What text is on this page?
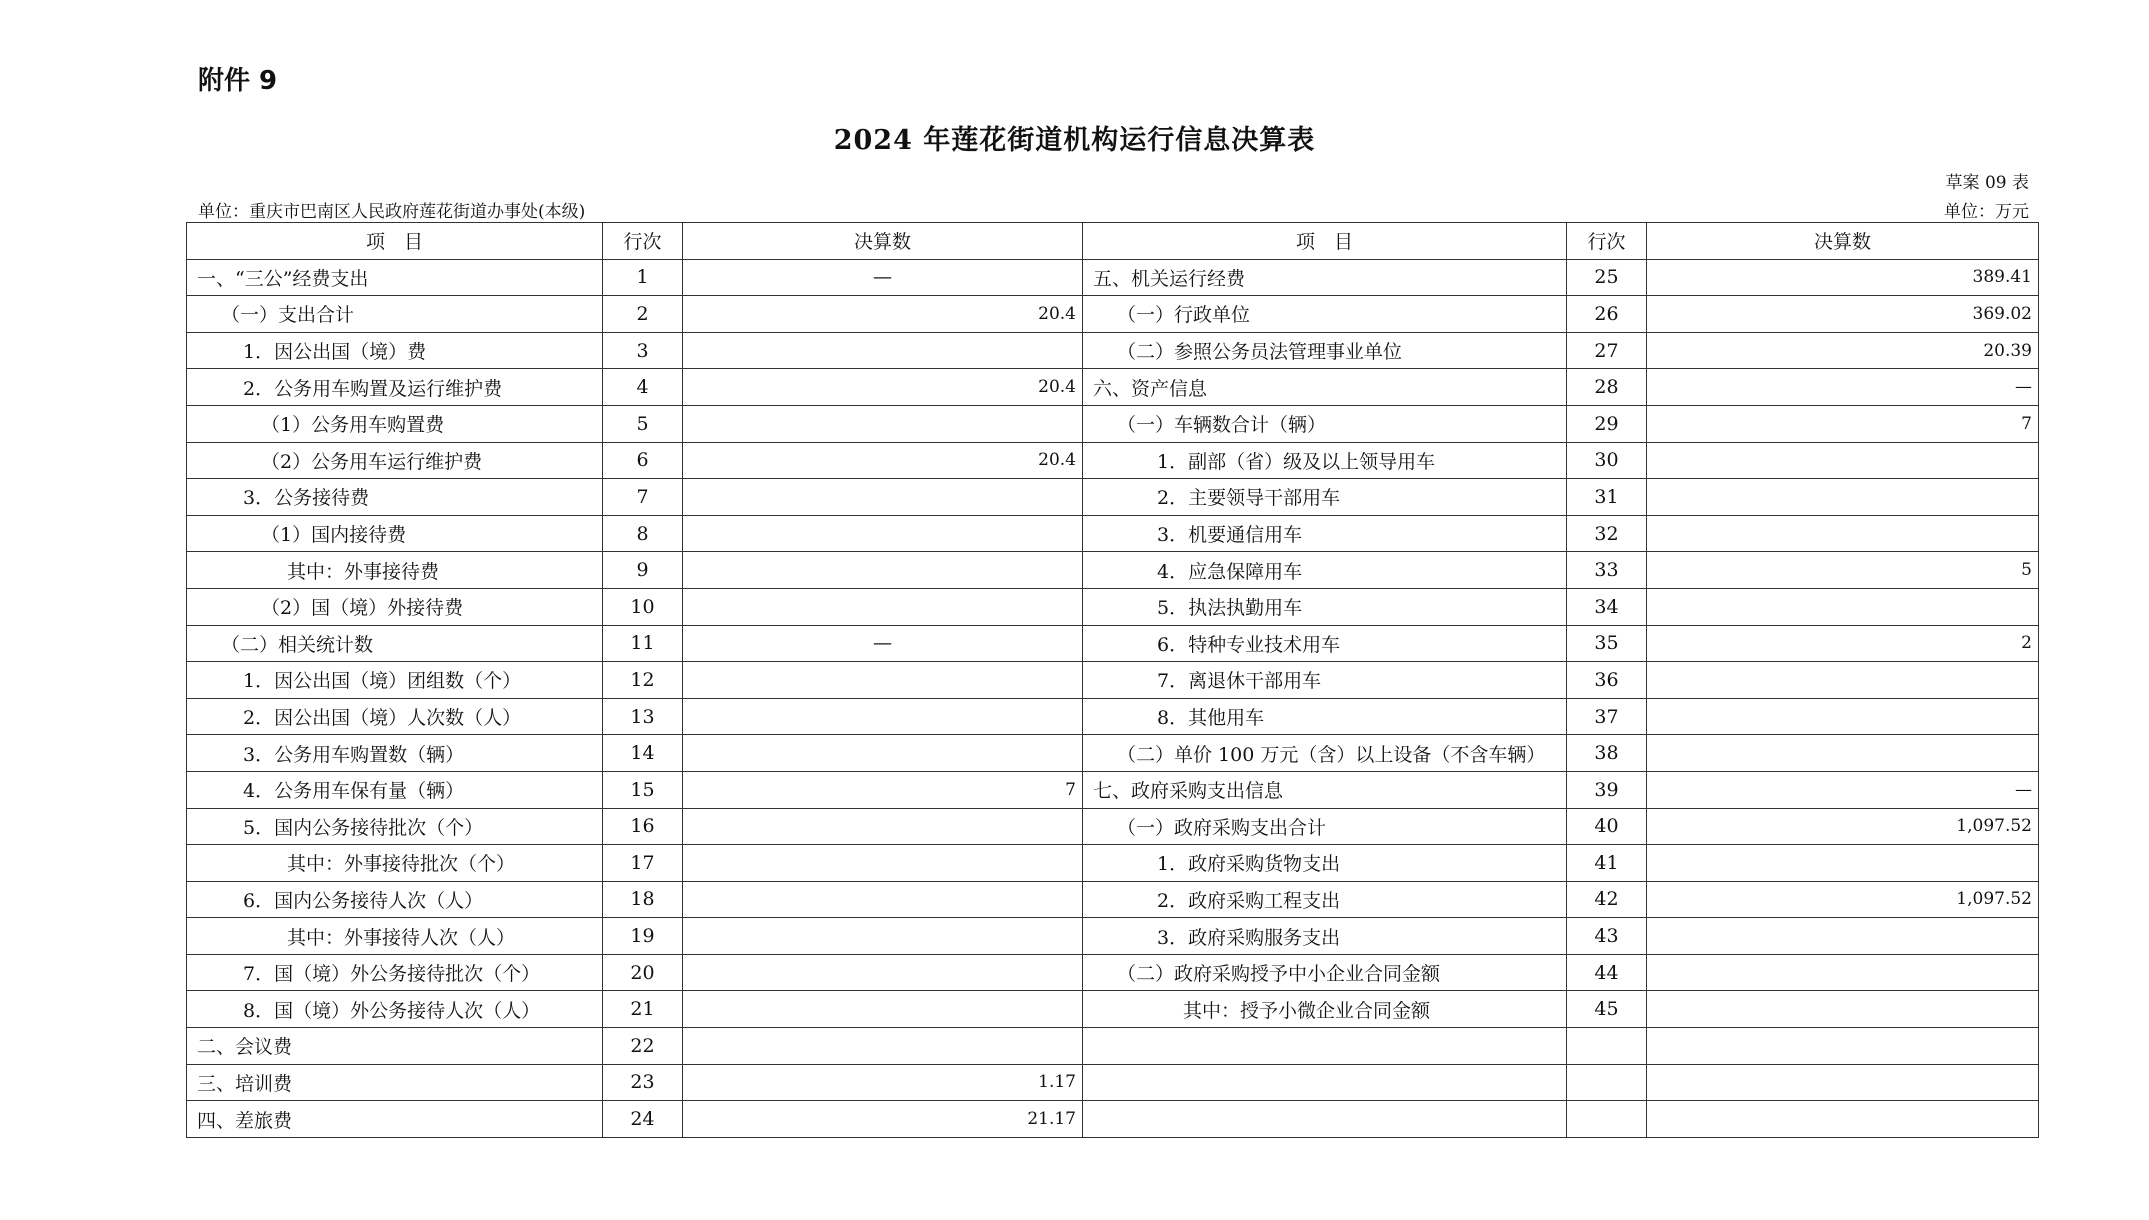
附件 9
2024 年莲花街道机构运行信息决算表
草案 09 表
单位：重庆市巴南区人民政府莲花街道办事处(本级)	单位：万元
项　目	行次	决算数	项　目	行次	决算数
一、“三公”经费支出	1	—	五、机关运行经费	25	389.41
（一）支出合计	2	20.4	（一）行政单位	26	369.02
1．因公出国（境）费	3		（二）参照公务员法管理事业单位	27	20.39
2．公务用车购置及运行维护费	4	20.4	六、资产信息	28	—
（1）公务用车购置费	5		（一）车辆数合计（辆）	29	7
（2）公务用车运行维护费	6	20.4	1．副部（省）级及以上领导用车	30	
3．公务接待费	7		2．主要领导干部用车	31	
（1）国内接待费	8		3．机要通信用车	32	
其中：外事接待费	9		4．应急保障用车	33	5
（2）国（境）外接待费	10		5．执法执勤用车	34	
（二）相关统计数	11	—	6．特种专业技术用车	35	2
1．因公出国（境）团组数（个）	12		7．离退休干部用车	36	
2．因公出国（境）人次数（人）	13		8．其他用车	37	
3．公务用车购置数（辆）	14		（二）单价 100 万元（含）以上设备（不含车辆）	38	
4．公务用车保有量（辆）	15	7	七、政府采购支出信息	39	—
5．国内公务接待批次（个）	16		（一）政府采购支出合计	40	1,097.52
其中：外事接待批次（个）	17		1．政府采购货物支出	41	
6．国内公务接待人次（人）	18		2．政府采购工程支出	42	1,097.52
其中：外事接待人次（人）	19		3．政府采购服务支出	43	
7．国（境）外公务接待批次（个）	20		（二）政府采购授予中小企业合同金额	44	
8．国（境）外公务接待人次（人）	21		其中：授予小微企业合同金额	45	
二、会议费	22				
三、培训费	23	1.17			
四、差旅费	24	21.17			
